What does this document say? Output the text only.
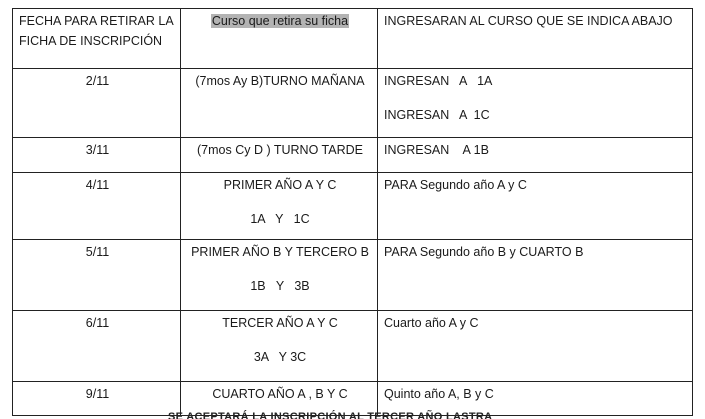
FECHA PARA RETIRAR LA
FICHA DE INSCRIPCIÓN	Curso que retira su ficha	INGRESARAN AL CURSO QUE SE INDICA ABAJO

2/11	(7mos Ay B)TURNO MAÑANA	INGRESAN   A   1A
INGRESAN   A  1C

3/11	(7mos Cy D ) TURNO TARDE	INGRESAN    A 1B

4/11	PRIMER AÑO A Y C
1A   Y   1C	PARA Segundo año A y C

5/11	PRIMER AÑO B Y TERCERO B
1B   Y   3B	PARA Segundo año B y CUARTO B

6/11	TERCER AÑO A Y C
3A   Y 3C	Cuarto año A y C

9/11	CUARTO AÑO A , B Y C	Quinto año A, B y C
SE ACEPTARÁ LA INSCRIPCIÓN AL TERCER AÑO LASTRA
